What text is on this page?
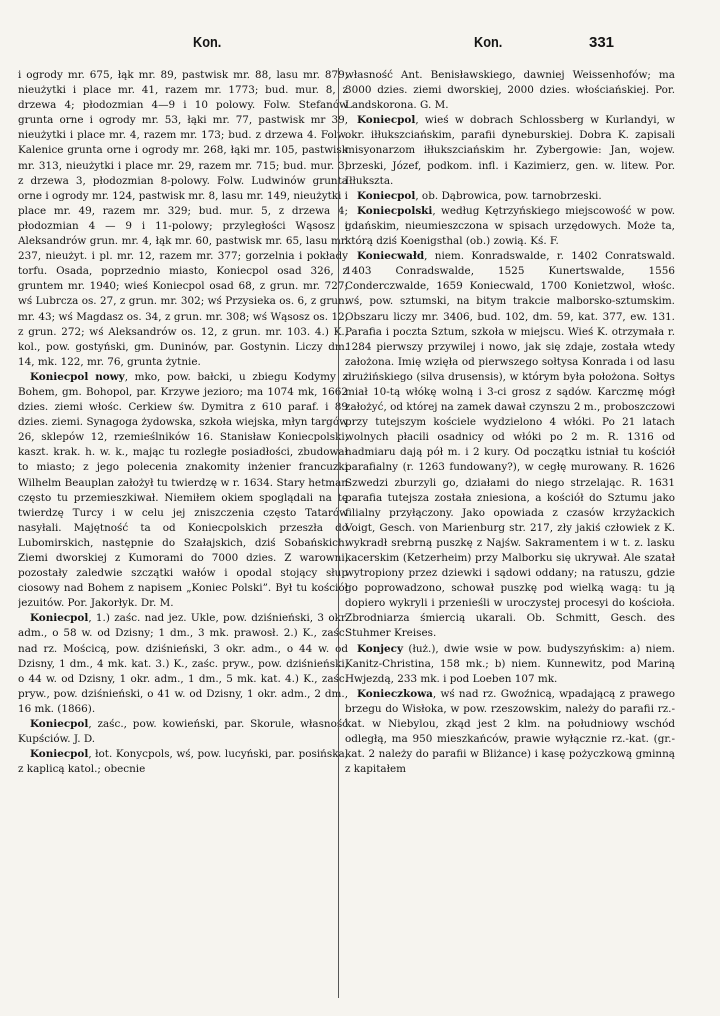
Kon.	Kon.	331

i ogrody mr. 675, łąk mr. 89, pastwisk mr. 88, lasu mr. 879, nieużytki i place mr. 41, razem mr. 1773; bud. mur. 8, z drzewa 4; płodozmian 4—9 i 10 polowy. Folw. Stefanów grunta orne i ogrody mr. 53, łąki mr. 77, pastwisk mr 39, nieużytki i place mr. 4, razem mr. 173; bud. z drzewa 4. Folw. Kalenice grunta orne i ogrody mr. 268, łąki mr. 105, pastwisk mr. 313, nieużytki i place mr. 29, razem mr. 715; bud. mur. 3, z drzewa 3, płodozmian 8-polowy. Folw. Ludwinów grunta orne i ogrody mr. 124, pastwisk mr. 8, lasu mr. 149, nieużytki i place mr. 49, razem mr. 329; bud. mur. 5, z drzewa 4; płodozmian 4 — 9 i 11-polowy; przyległości Wąsosz i Aleksandrów grun. mr. 4, łąk mr. 60, pastwisk mr. 65, lasu mr. 237, nieużyt. i pl. mr. 12, razem mr. 377; gorzelnia i pokłady torfu. Osada, poprzednio miasto, Koniecpol osad 326, z gruntem mr. 1940; wieś Koniecpol osad 68, z grun. mr. 727; wś Lubrcza os. 27, z grun. mr. 302; wś Przysieka os. 6, z grun. mr. 43; wś Magdasz os. 34, z grun. mr. 308; wś Wąsosz os. 12, z grun. 272; wś Aleksandrów os. 12, z grun. mr. 103. 4.) K., kol., pow. gostyński, gm. Duninów, par. Gostynin. Liczy dm. 14, mk. 122, mr. 76, grunta żytnie.

Koniecpol nowy, mko, pow. bałcki, u zbiegu Kodymy z Bohem, gm. Bohopol, par. Krzywe jezioro; ma 1074 mk, 1662 dzies. ziemi włośc. Cerkiew św. Dymitra z 610 paraf. i 89 dzies. ziemi. Synagoga żydowska, szkoła wiejska, młyn targów 26, sklepów 12, rzemieślników 16. Stanisław Koniecpolski, kaszt. krak. h. w. k., mając tu rozległe posiadłości, zbudował to miasto; z jego polecenia znakomity inżenier francuzki Wilhelm Beauplan założył tu twierdzę w r. 1634. Stary hetman często tu przemieszkiwał. Niemiłem okiem spoglądali na tę twierdzę Turcy i w celu jej zniszczenia często Tatarów nasyłali. Majętność ta od Koniecpolskich przeszła do Lubomirskich, następnie do Szałajskich, dziś Sobańskich. Ziemi dworskiej z Kumorami do 7000 dzies. Z warowni, pozostały zaledwie szczątki wałów i opodal stojący słup ciosowy nad Bohem z napisem „Koniec Polski”. Był tu kościół jezuitów. Por. Jakorłyk. Dr. M.

Koniecpol, 1.) zaśc. nad jez. Ukle, pow. dziśnieński, 3 okr. adm., o 58 w. od Dzisny; 1 dm., 3 mk. prawosł. 2.) K., zaśc. nad rz. Mościcą, pow. dziśnieński, 3 okr. adm., o 44 w. od Dzisny, 1 dm., 4 mk. kat. 3.) K., zaśc. pryw., pow. dziśnieński, o 44 w. od Dzisny, 1 okr. adm., 1 dm., 5 mk. kat. 4.) K., zaśc. pryw., pow. dziśnieński, o 41 w. od Dzisny, 1 okr. adm., 2 dm., 16 mk. (1866).

Koniecpol, zaśc., pow. kowieński, par. Skorule, własność Kupściów. J. D.

Koniecpol, łot. Konycpols, wś, pow. lucyński, par. posińska, z kaplicą katol.; obecnie

własność Ant. Benisławskiego, dawniej Weissenhofów; ma 3000 dzies. ziemi dworskiej, 2000 dzies. włościańskiej. Por. Landskorona. G. M.

Koniecpol, wieś w dobrach Schlossberg w Kurlandyi, w okr. iłłukszciańskim, parafii dyneburskiej. Dobra K. zapisali misyonarzom iłłukszciańskim hr. Zybergowie: Jan, wojew. brzeski, Józef, podkom. infl. i Kazimierz, gen. w. litew. Por. Iłłuksztа.

Koniecpol, ob. Dąbrowica, pow. tarnobrzeski.

Koniecpolski, według Kętrzyńskiego miejscowość w pow. gdańskim, nieumieszczona w spisach urzędowych. Może ta, którą dziś Koenigsthal (ob.) zowią. Kś. F.

Koniecwałd, niem. Konradswalde, r. 1402 Conratswald. 1403 Conradswalde, 1525 Kunertswalde, 1556 Conderczwalde, 1659 Koniecwald, 1700 Konietzwol, włośc. wś, pow. sztumski, na bitym trakcie malborsko-sztumskim. Obszaru liczy mr. 3406, bud. 102, dm. 59, kat. 377, ew. 131. Parafia i poczta Sztum, szkoła w miejscu. Wieś K. otrzymała r. 1284 pierwszy przywilej i nowo, jak się zdaje, została wtedy założona. Imię wzięła od pierwszego sołtysa Konrada i od lasu drużińskiego (silva drusensis), w którym była położona. Sołtys miał 10-tą włókę wolną i 3-ci grosz z sądów. Karczmę mógł założyć, od której na zamek dawał czynszu 2 m., proboszczowi przy tutejszym kościele wydzielono 4 włóki. Po 21 latach wolnych płacili osadnicy od włóki po 2 m. R. 1316 od nadmiaru dają pół m. i 2 kury. Od początku istniał tu kościół parafialny (r. 1263 fundowany?), w cegłę murowany. R. 1626 Szwedzi zburzyli go, działami do niego strzelając. R. 1631 parafia tutejsza została zniesiona, a kościół do Sztumu jako filialny przyłączony. Jako opowiada z czasów krzyżackich Voigt, Gesch. von Marienburg str. 217, zły jakiś człowiek z K. wykradł srebrną puszkę z Najśw. Sakramentem i w t. z. lasku kacerskim (Ketzerheim) przy Malborku się ukrywał. Ale szatał wytropiony przez dziewki i sądowi oddany; na ratuszu, gdzie go poprowadzono, schował puszkę pod wielką wagą: tu ją dopiero wykryli i przenieśli w uroczystej procesyi do kościoła. Zbrodniarza śmiercią ukarali. Ob. Schmitt, Gesch. des Stuhmer Kreises.

Konjecy (łuż.), dwie wsie w pow. budyszyńskim: a) niem. Kanitz-Christina, 158 mk.; b) niem. Kunnewitz, pod Mariną Hwjezdą, 233 mk. i pod Loeben 107 mk.

Konieczkowa, wś nad rz. Gwoźnicą, wpadającą z prawego brzegu do Wisłoka, w pow. rzeszowskim, należy do parafii rz.-kat. w Niebylou, zkąd jest 2 klm. na południowy wschód odległą, ma 950 mieszkańców, prawie wyłącznie rz.-kat. (gr.-kat. 2 należy do parafii w Bliżance) i kasę pożyczkową gminną z kapitałem
